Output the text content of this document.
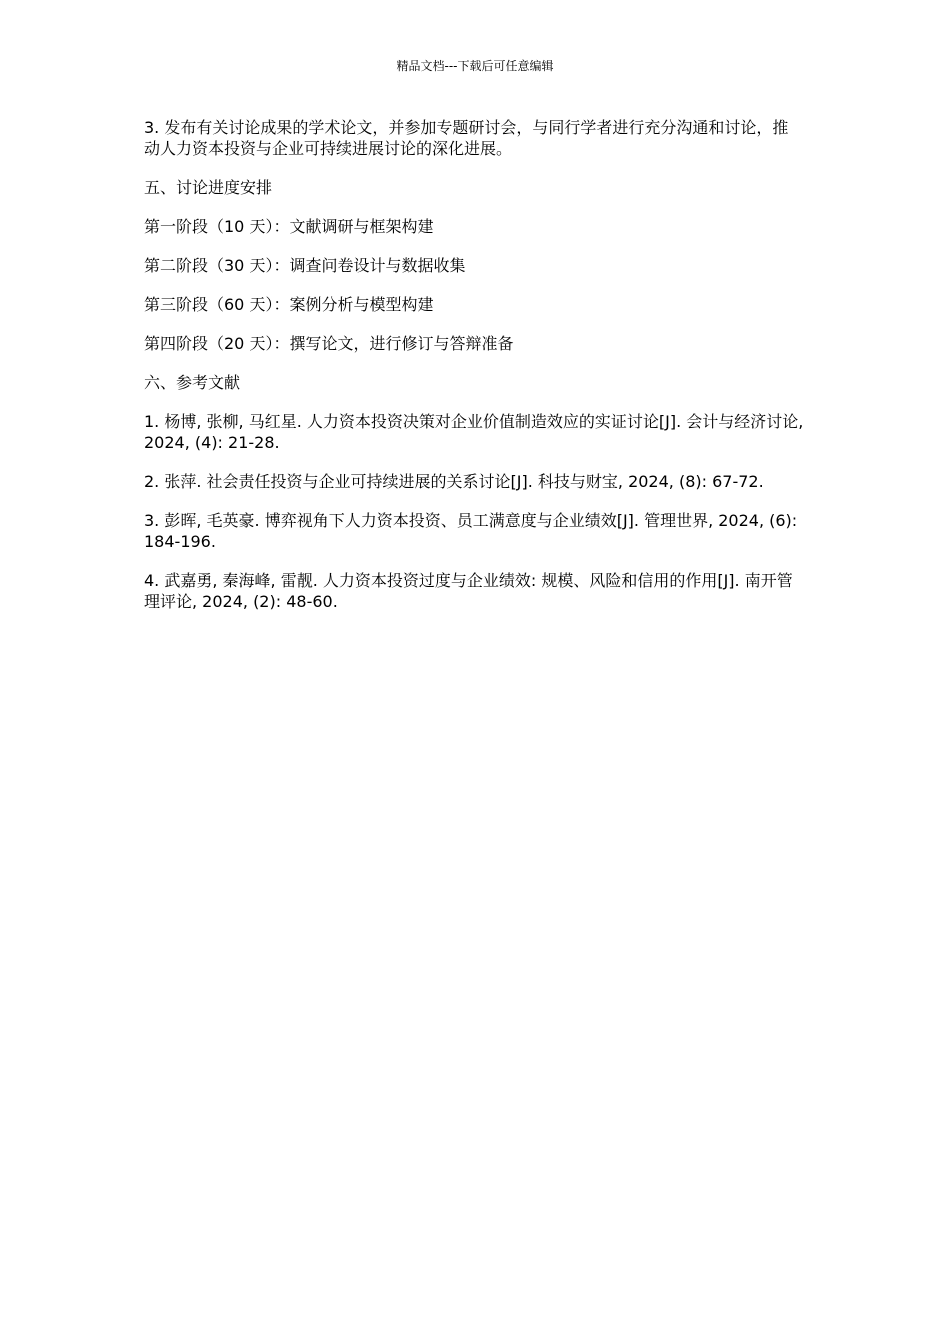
精品文档---下载后可任意编辑

3. 发布有关讨论成果的学术论文，并参加专题研讨会，与同行学者进行充分沟通和讨论，推动人力资本投资与企业可持续进展讨论的深化进展。

五、讨论进度安排

第一阶段（10 天）：文献调研与框架构建

第二阶段（30 天）：调查问卷设计与数据收集

第三阶段（60 天）：案例分析与模型构建

第四阶段（20 天）：撰写论文，进行修订与答辩准备

六、参考文献

1. 杨博, 张柳, 马红星. 人力资本投资决策对企业价值制造效应的实证讨论[J]. 会计与经济讨论, 2024, (4): 21-28.

2. 张萍. 社会责任投资与企业可持续进展的关系讨论[J]. 科技与财宝, 2024, (8): 67-72.

3. 彭晖, 毛英豪. 博弈视角下人力资本投资、员工满意度与企业绩效[J]. 管理世界, 2024, (6): 184-196.

4. 武嘉勇, 秦海峰, 雷靓. 人力资本投资过度与企业绩效: 规模、风险和信用的作用[J]. 南开管理评论, 2024, (2): 48-60.
